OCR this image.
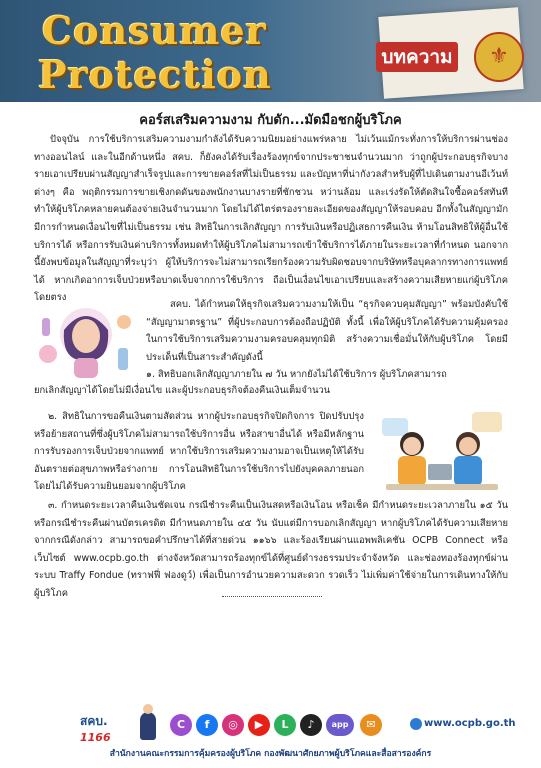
Consumer
Protection	บทความ	⚜
คอร์สเสริมความงาม กับดัก...มัดมือชกผู้บริโภค

ปัจจุบัน การใช้บริการเสริมความงามกำลังได้รับความนิยมอย่างแพร่หลาย ไม่เว้นแม้กระทั่งการให้บริการผ่านช่องทางออนไลน์ และในอีกด้านหนึ่ง สคบ. ก็ยังคงได้รับเรื่องร้องทุกข์จากประชาชนจำนวนมาก ว่าถูกผู้ประกอบธุรกิจบางรายเอาเปรียบผ่านสัญญาสำเร็จรูปและการขายคอร์สที่ไม่เป็นธรรม และบัญหาที่น่ากังวลสำหรับผู้ที่ไปเดินตามงานอีเว้นท์ต่างๆ คือ พฤติกรรมการขายเชิงกดดันของพนักงานบางรายที่ชักชวน หว่านล้อม และเร่งรัดให้ตัดสินใจซื้อคอร์สทันที ทำให้ผู้บริโภคหลายคนต้องจ่ายเงินจำนวนมาก โดยไม่ได้ไตร่ตรองรายละเอียดของสัญญาให้รอบคอบ อีกทั้งในสัญญามักมีการกำหนดเงื่อนไขที่ไม่เป็นธรรม เช่น สิทธิในการเลิกสัญญา การรับเงินหรือปฏิเสธการคืนเงิน ห้ามโอนสิทธิให้ผู้อื่นใช้บริการได้ หรือการรับเงินค่าบริการทั้งหมดทำให้ผู้บริโภคไม่สามารถเข้าใช้บริการได้ภายในระยะเวลาที่กำหนด นอกจากนี้ยังพบข้อมูลในสัญญาที่ระบุว่า ผู้ให้บริการจะไม่สามารถเรียกร้องความรับผิดชอบจากบริษัทหรือบุคลากรทางการแพทย์ได้ หากเกิดอาการเจ็บป่วยหรือบาดเจ็บจากการใช้บริการ ถือเป็นเงื่อนไขเอาเปรียบและสร้างความเสียหายแก่ผู้บริโภคโดยตรง

สคบ. ได้กำหนดให้ธุรกิจเสริมความงามให้เป็น “ธุรกิจควบคุมสัญญา” พร้อมบังคับใช้ “สัญญามาตรฐาน” ที่ผู้ประกอบการต้องถือปฏิบัติ ทั้งนี้ เพื่อให้ผู้บริโภคได้รับความคุ้มครองในการใช้บริการเสริมความงามครอบคลุมทุกมิติ สร้างความเชื่อมั่นให้กับผู้บริโภค โดยมีประเด็นที่เป็นสาระสำคัญดังนี้
๑. สิทธิบอกเลิกสัญญาภายใน ๗ วัน หากยังไม่ได้ใช้บริการ ผู้บริโภคสามารถ

ยกเลิกสัญญาได้โดยไม่มีเงื่อนไข และผู้ประกอบธุรกิจต้องคืนเงินเต็มจำนวน

๒. สิทธิในการขอคืนเงินตามสัดส่วน หากผู้ประกอบธุรกิจปิดกิจการ ปิดปรับปรุง หรือย้ายสถานที่ซึ่งผู้บริโภคไม่สามารถใช้บริการอื่น หรือสาขาอื่นได้ หรือมีหลักฐานการรับรองการเจ็บป่วยจากแพทย์ หากใช้บริการเสริมความงามอาจเป็นเหตุให้ได้รับอันตรายต่อสุขภาพหรือร่างกาย การโอนสิทธิในการใช้บริการไปยังบุคคลภายนอกโดยไม่ได้รับความยินยอมจากผู้บริโภค

๓. กำหนดระยะเวลาคืนเงินชัดเจน กรณีชำระคืนเป็นเงินสดหรือเงินโอน หรือเช็ค มีกำหนดระยะเวลาภายใน ๑๕ วัน หรือกรณีชำระคืนผ่านบัตรเครดิต มีกำหนดภายใน ๔๕ วัน นับแต่มีการบอกเลิกสัญญา หากผู้บริโภคได้รับความเสียหายจากกรณีดังกล่าว สามารถขอคำปรึกษาได้ที่สายด่วน ๑๑๖๖ และร้องเรียนผ่านแอพพลิเคชัน OCPB Connect หรือเว็บไซต์ www.ocpb.go.th ต่างจังหวัดสามารถร้องทุกข์ได้ที่ศูนย์ดำรงธรรมประจำจังหวัด และช่องทองร้องทุกข์ผ่านระบบ Traffy Fondue (ทราฟฟี่ ฟองดูว์) เพื่อเป็นการอำนวยความสะดวก รวดเร็ว ไม่เพิ่มค่าใช้จ่ายในการเดินทางให้กับผู้บริโภค

สคบ.
1166
C	f	◎	▶	L	♪	app	✉	www.ocpb.go.th
สำนักงานคณะกรรมการคุ้มครองผู้บริโภค กองพัฒนาศักยภาพผู้บริโภคและสื่อสารองค์กร
